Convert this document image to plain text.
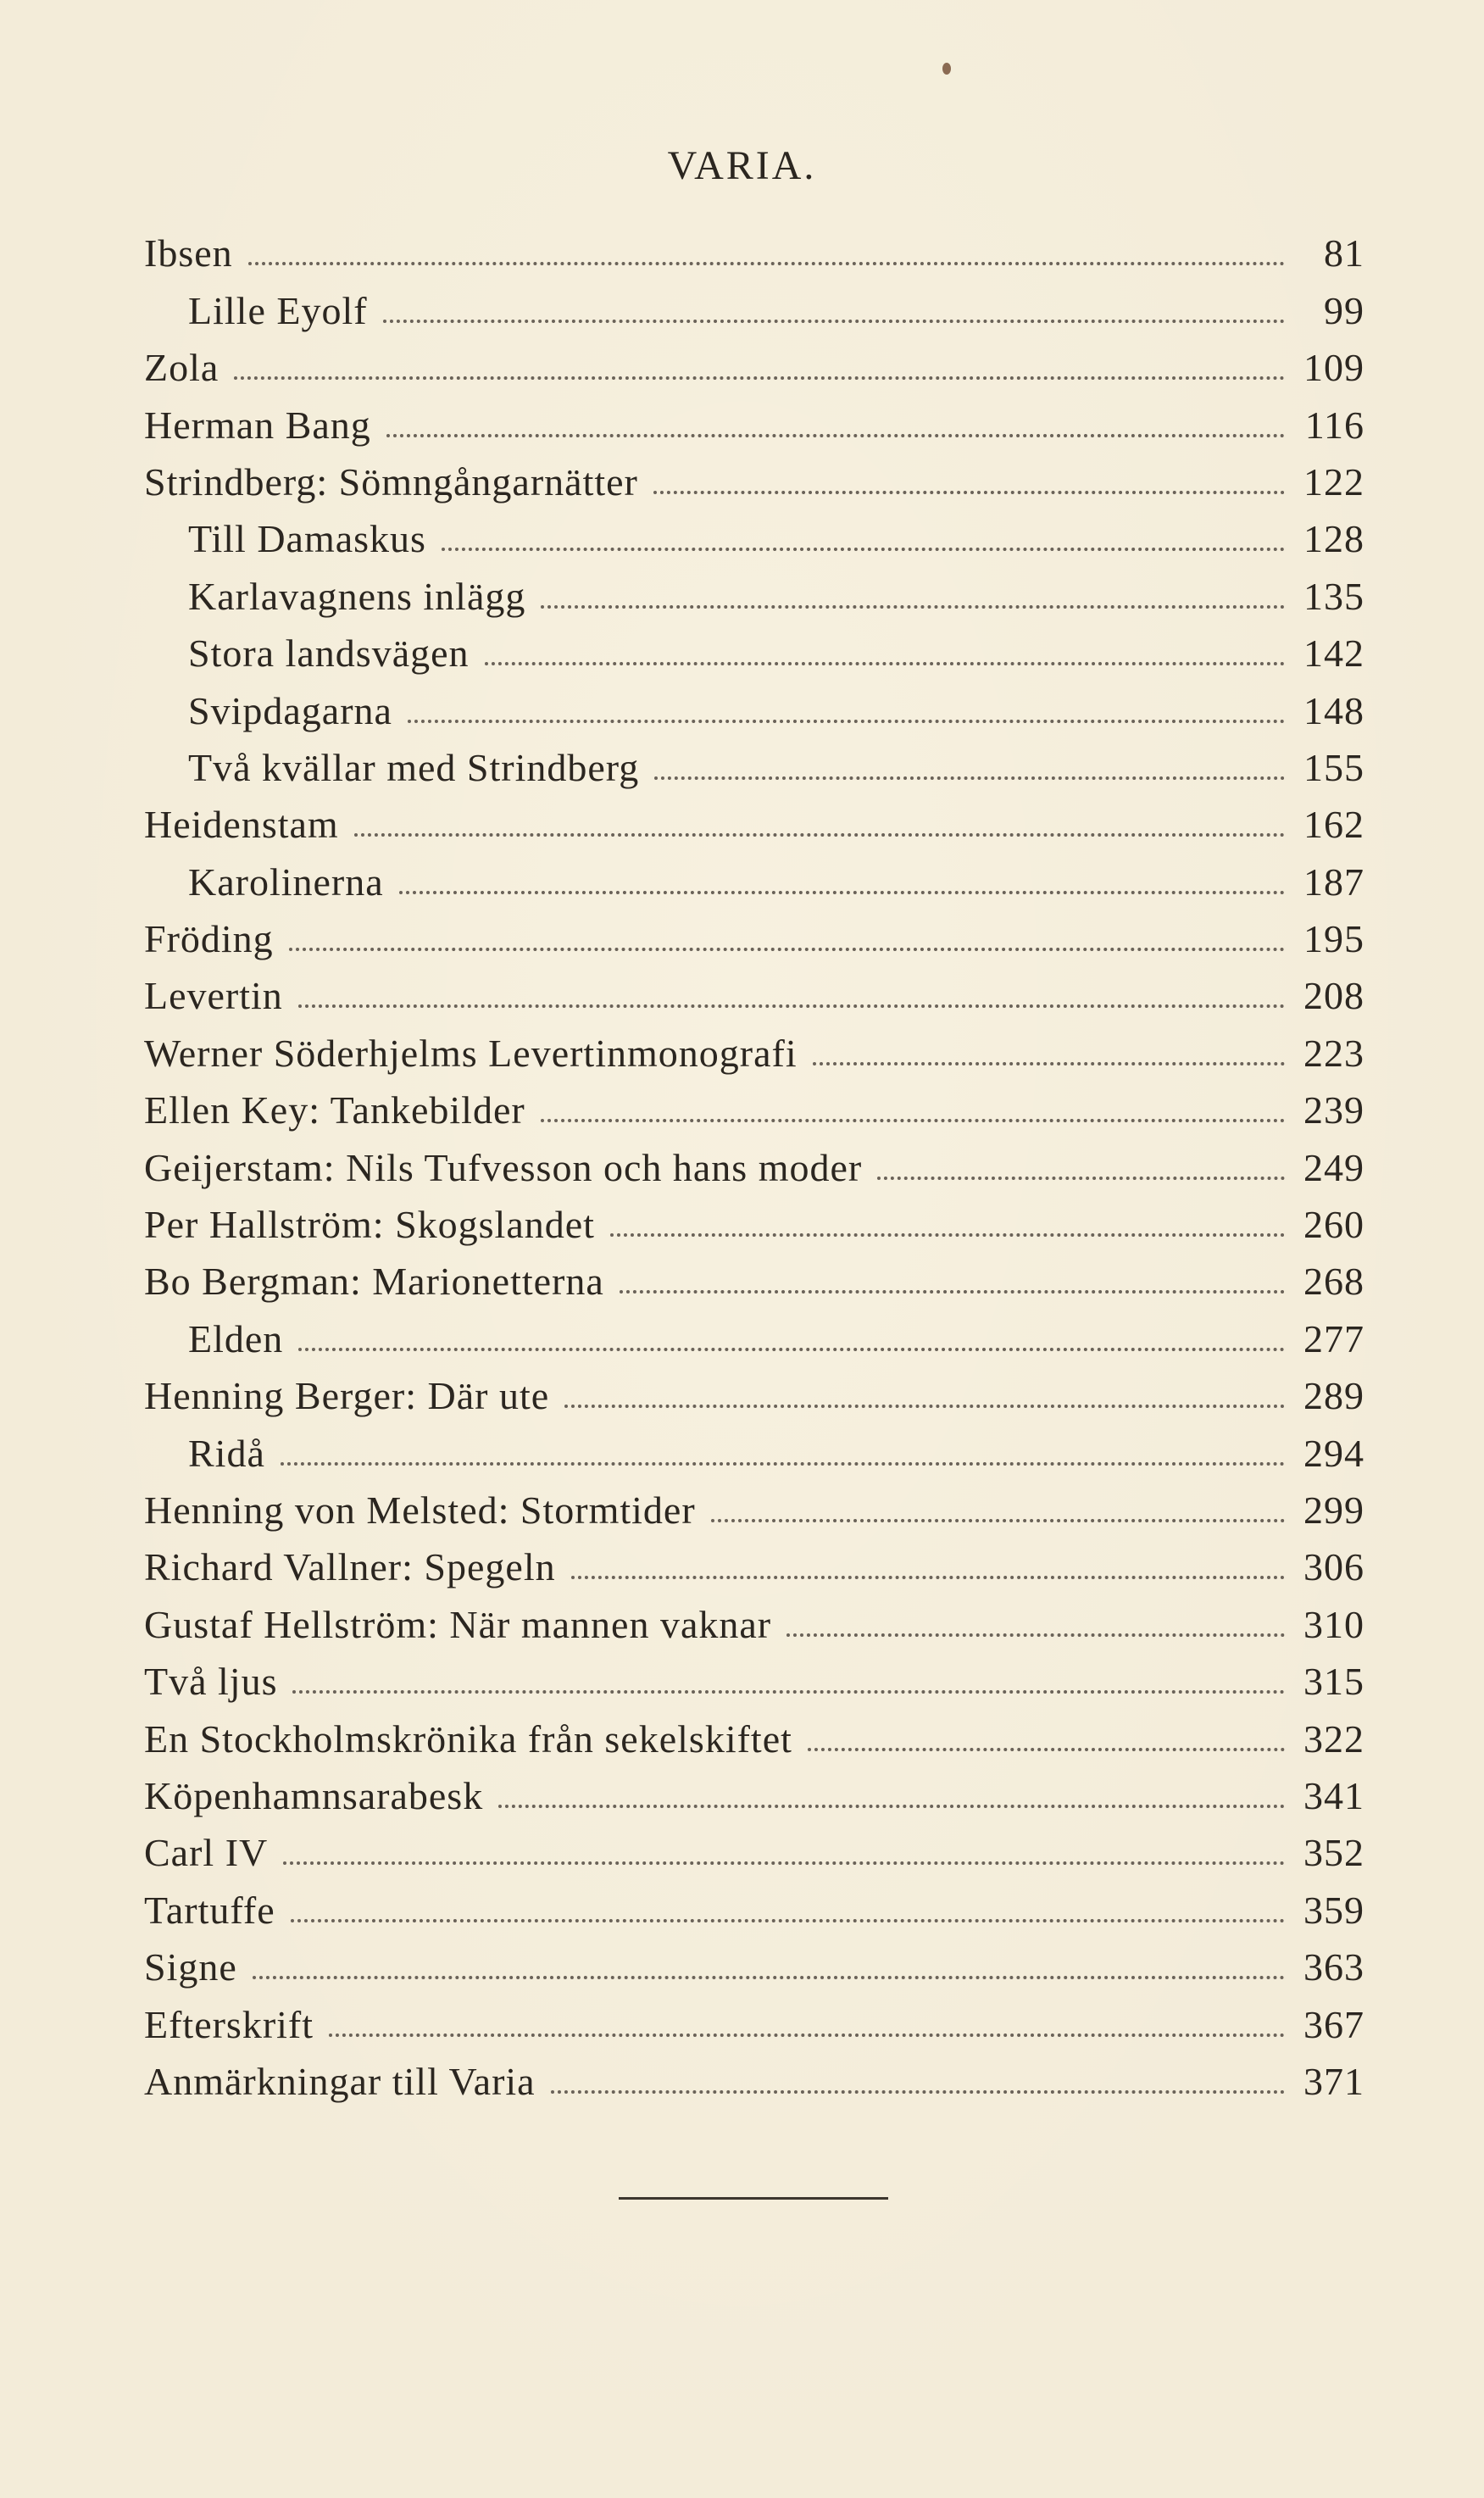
VARIA.
Ibsen	81
Lille Eyolf	99
Zola	109
Herman Bang	116
Strindberg: Sömngångarnätter	122
Till Damaskus	128
Karlavagnens inlägg	135
Stora landsvägen	142
Svipdagarna	148
Två kvällar med Strindberg	155
Heidenstam	162
Karolinerna	187
Fröding	195
Levertin	208
Werner Söderhjelms Levertinmonografi	223
Ellen Key: Tankebilder	239
Geijerstam: Nils Tufvesson och hans moder	249
Per Hallström: Skogslandet	260
Bo Bergman: Marionetterna	268
Elden	277
Henning Berger: Där ute	289
Ridå	294
Henning von Melsted: Stormtider	299
Richard Vallner: Spegeln	306
Gustaf Hellström: När mannen vaknar	310
Två ljus	315
En Stockholmskrönika från sekelskiftet	322
Köpenhamnsarabesk	341
Carl IV	352
Tartuffe	359
Signe	363
Efterskrift	367
Anmärkningar till Varia	371
